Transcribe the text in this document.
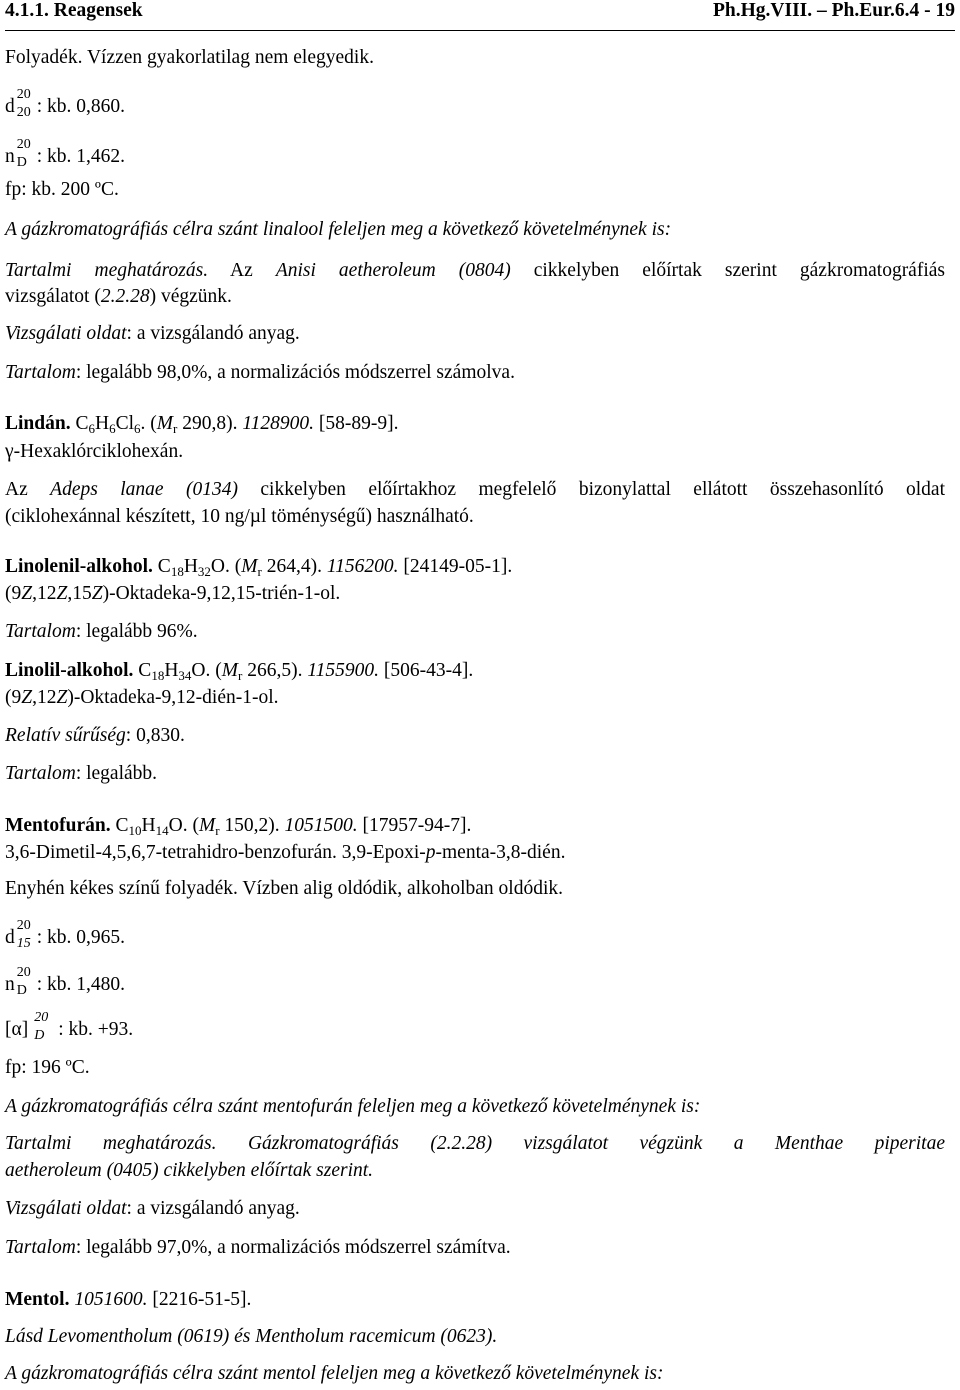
4.1.1. Reagensek	Ph.Hg.VIII. – Ph.Eur.6.4 - 19
Folyadék. Vízzen gyakorlatilag nem elegyedik.
d
20
20 : kb. 0,860.
n
20
D : kb. 1,462.
fp: kb. 200 ºC.
A gázkromatográfiás célra szánt linalool feleljen meg a következő követelménynek is:
Tartalmi meghatározás. Az Anisi aetheroleum (0804) cikkelyben előírtak szerint gázkromatográfiás
vizsgálatot (2.2.28) végzünk.
Vizsgálati oldat: a vizsgálandó anyag.
Tartalom: legalább 98,0%, a normalizációs módszerrel számolva.
Lindán. $C_6H_6Cl_6$. ($M_r$ 290,8). 1128900. [58-89-9].
γ-Hexaklórciklohexán.
Az Adeps lanae (0134) cikkelyben előírtakhoz megfelelő bizonylattal ellátott összehasonlító oldat
(ciklohexánnal készített, 10 ng/µl töménységű) használható.
Linolenil-alkohol. $C_{18}H_{32}O$. ($M_r$ 264,4). 1156200. [24149-05-1].
(9Z,12Z,15Z)-Oktadeka-9,12,15-trién-1-ol.
Tartalom: legalább 96%.
Linolil-alkohol. $C_{18}H_{34}O$. ($M_r$ 266,5). 1155900. [506-43-4].
(9Z,12Z)-Oktadeka-9,12-dién-1-ol.
Relatív sűrűség: 0,830.
Tartalom: legalább.
Mentofurán. $C_{10}H_{14}O$. ($M_r$ 150,2). 1051500. [17957-94-7].
3,6-Dimetil-4,5,6,7-tetrahidro-benzofurán. 3,9-Epoxi-p-menta-3,8-dién.
Enyhén kékes színű folyadék. Vízben alig oldódik, alkoholban oldódik.
d
20
15 : kb. 0,965.
n
20
D : kb. 1,480.
[α]
20
D : kb. +93.
fp: 196 ºC.
A gázkromatográfiás célra szánt mentofurán feleljen meg a következő követelménynek is:
Tartalmi meghatározás. Gázkromatográfiás (2.2.28) vizsgálatot végzünk a Menthae piperitae
aetheroleum (0405) cikkelyben előírtak szerint.
Vizsgálati oldat: a vizsgálandó anyag.
Tartalom: legalább 97,0%, a normalizációs módszerrel számítva.
Mentol. 1051600. [2216-51-5].
Lásd Levomentholum (0619) és Mentholum racemicum (0623).
A gázkromatográfiás célra szánt mentol feleljen meg a következő követelménynek is:
